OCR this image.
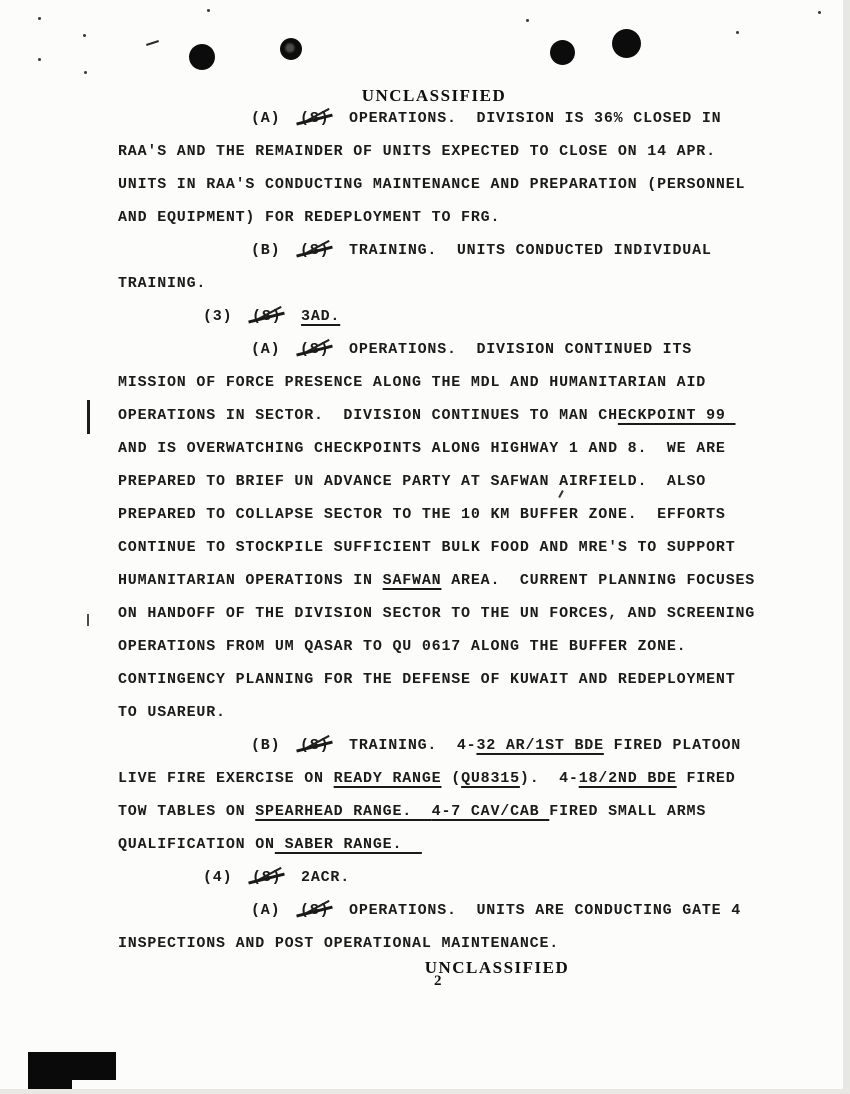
UNCLASSIFIED
(A)  (S)  OPERATIONS.  DIVISION IS 36% CLOSED IN
RAA'S AND THE REMAINDER OF UNITS EXPECTED TO CLOSE ON 14 APR.
UNITS IN RAA'S CONDUCTING MAINTENANCE AND PREPARATION (PERSONNEL
AND EQUIPMENT) FOR REDEPLOYMENT TO FRG.
(B)  (S)  TRAINING.  UNITS CONDUCTED INDIVIDUAL
TRAINING.
(3)  (S) 3AD.
(A)  (S)  OPERATIONS.  DIVISION CONTINUED ITS
MISSION OF FORCE PRESENCE ALONG THE MDL AND HUMANITARIAN AID
OPERATIONS IN SECTOR.  DIVISION CONTINUES TO MAN CHECKPOINT 99
AND IS OVERWATCHING CHECKPOINTS ALONG HIGHWAY 1 AND 8.  WE ARE
PREPARED TO BRIEF UN ADVANCE PARTY AT SAFWAN AIRFIELD.  ALSO
PREPARED TO COLLAPSE SECTOR TO THE 10 KM BUFFER ZONE.  EFFORTS
CONTINUE TO STOCKPILE SUFFICIENT BULK FOOD AND MRE'S TO SUPPORT
HUMANITARIAN OPERATIONS IN SAFWAN AREA.  CURRENT PLANNING FOCUSES
ON HANDOFF OF THE DIVISION SECTOR TO THE UN FORCES, AND SCREENING
OPERATIONS FROM UM QASAR TO QU 0617 ALONG THE BUFFER ZONE.
CONTINGENCY PLANNING FOR THE DEFENSE OF KUWAIT AND REDEPLOYMENT
TO USAREUR.
(B)  (S)  TRAINING.  4-32 AR/1ST BDE FIRED PLATOON
LIVE FIRE EXERCISE ON READY RANGE (QU8315).  4-18/2ND BDE FIRED
TOW TABLES ON SPEARHEAD RANGE.  4-7 CAV/CAB FIRED SMALL ARMS
QUALIFICATION ON SABER RANGE.
(4)  (S)  2ACR.
(A)  (S)  OPERATIONS.  UNITS ARE CONDUCTING GATE 4
INSPECTIONS AND POST OPERATIONAL MAINTENANCE.
UNCLASSIFIED
2
